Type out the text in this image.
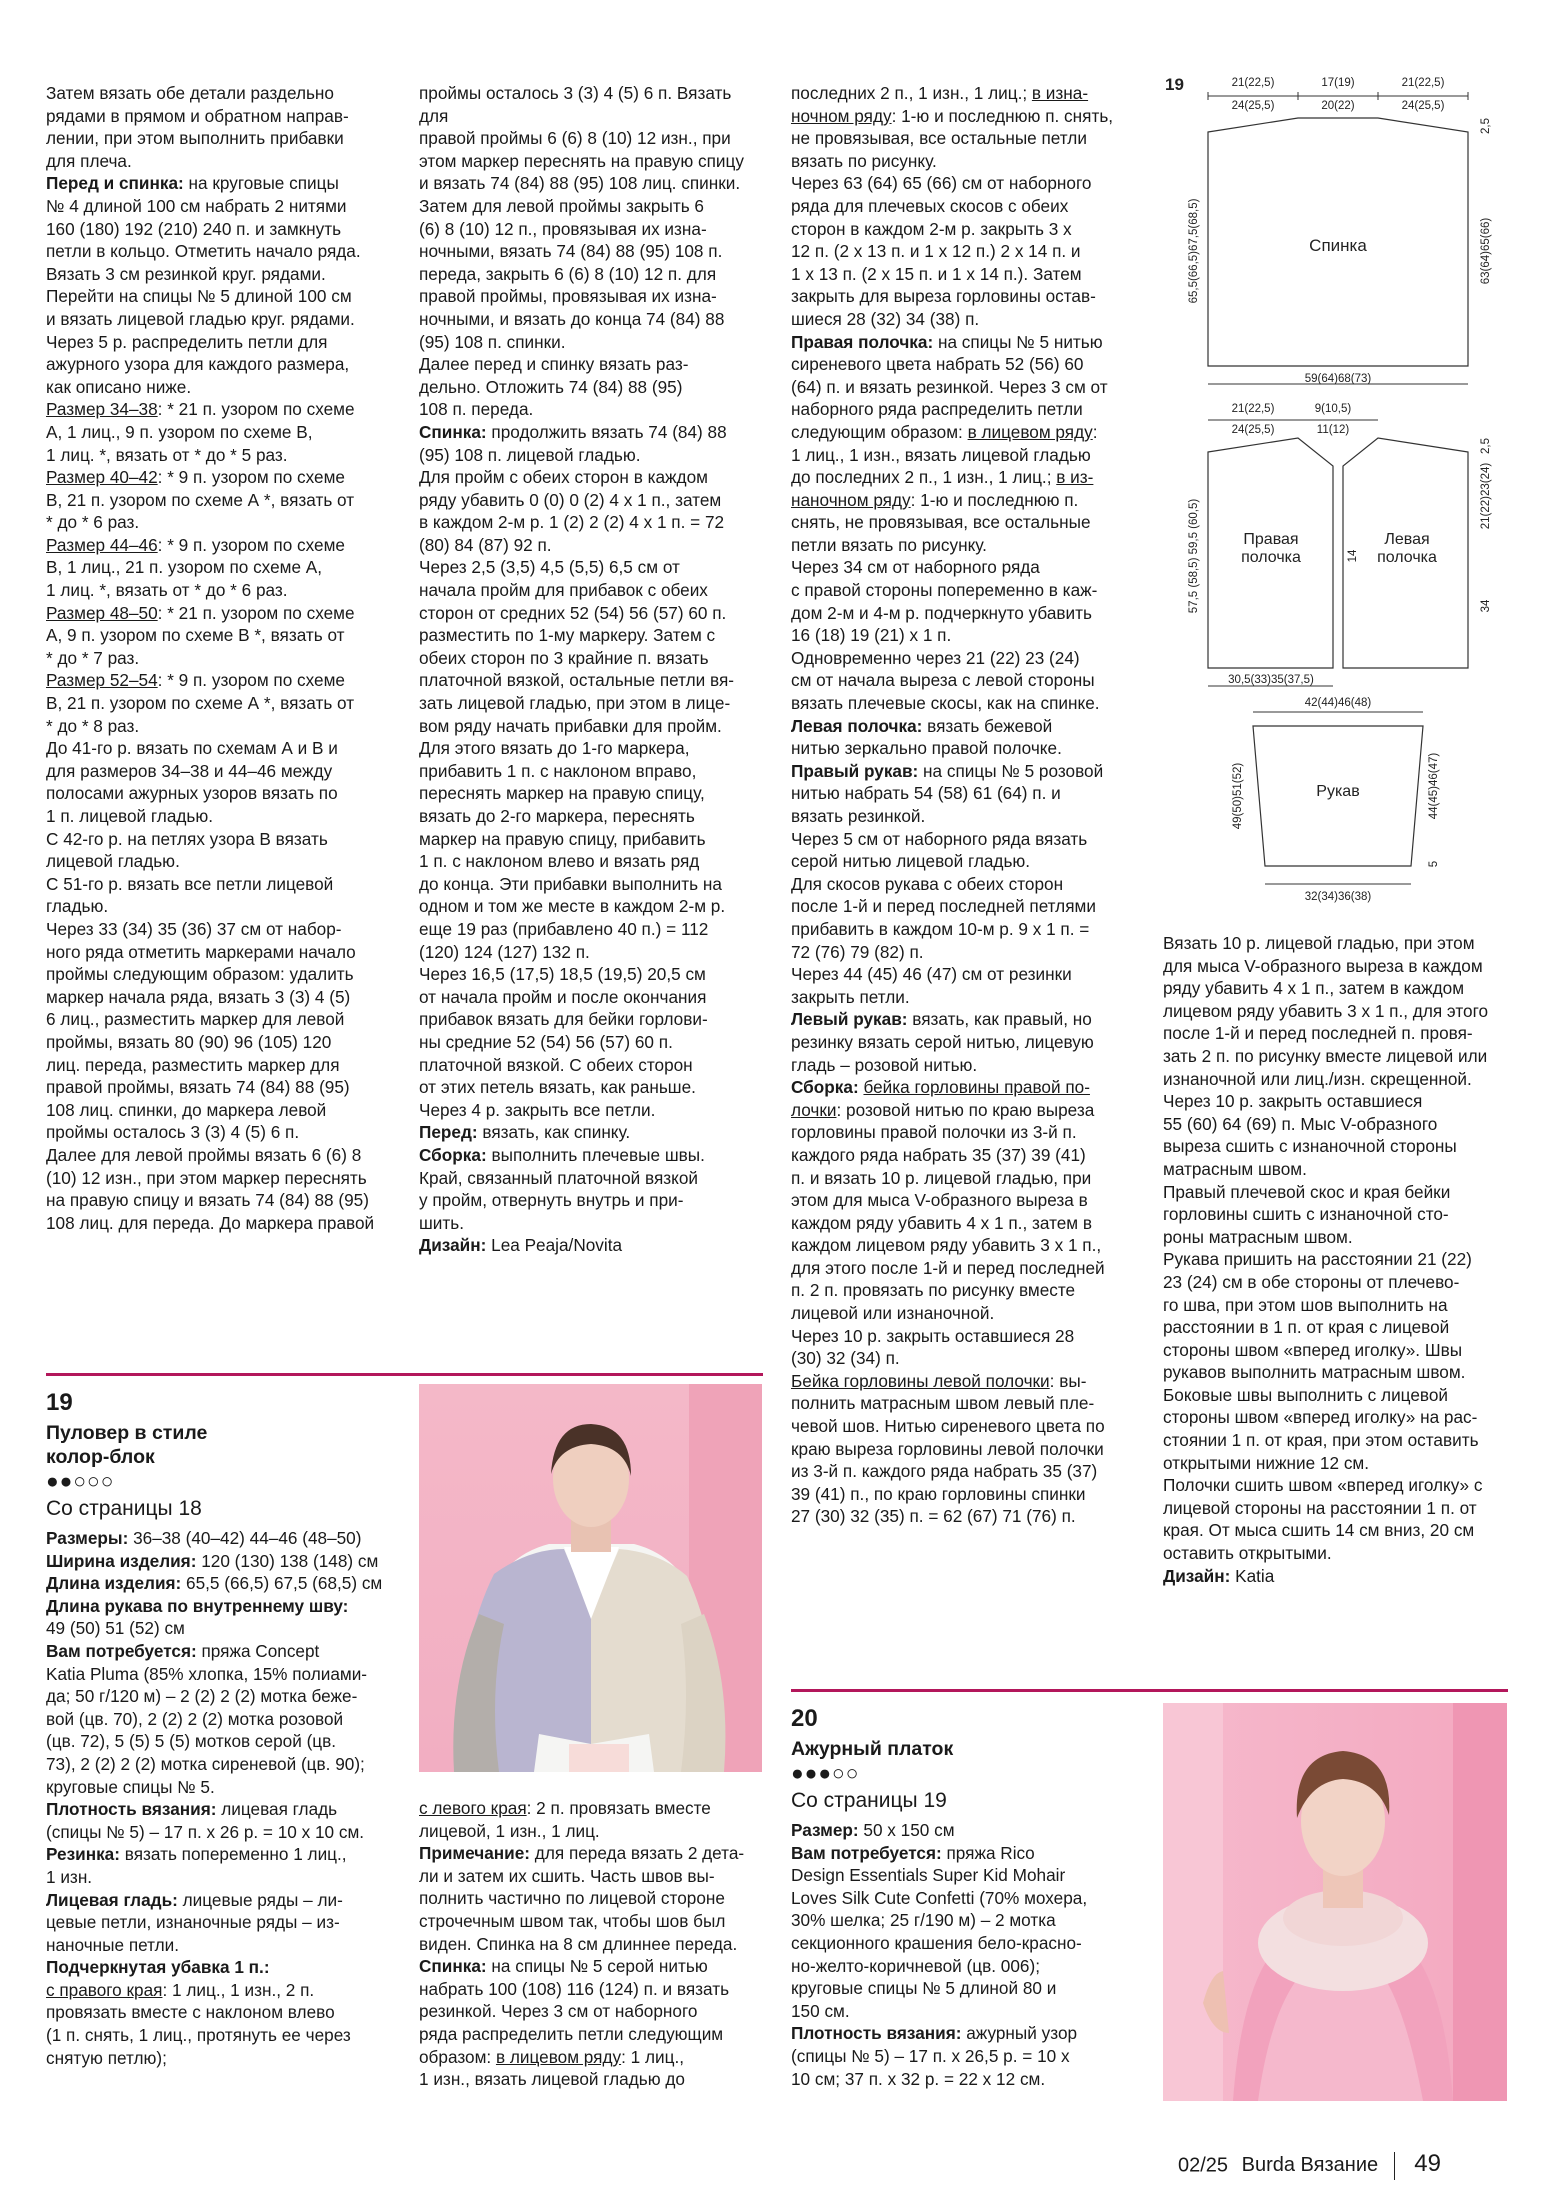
Затем вязать обе детали раздельно

рядами в прямом и обратном направ-

лении, при этом выполнить прибавки

для плеча.

Перед и спинка: на круговые спицы

№ 4 длиной 100 см набрать 2 нитями

160 (180) 192 (210) 240 п. и замкнуть

петли в кольцо. Отметить начало ряда.

Вязать 3 см резинкой круг. рядами.

Перейти на спицы № 5 длиной 100 см

и вязать лицевой гладью круг. рядами.

Через 5 р. распределить петли для

ажурного узора для каждого размера,

как описано ниже.

Размер 34–38: * 21 п. узором по схеме

А, 1 лиц., 9 п. узором по схеме В,

1 лиц. *, вязать от * до * 5 раз.

Размер 40–42: * 9 п. узором по схеме

В, 21 п. узором по схеме А *, вязать от

* до * 6 раз.

Размер 44–46: * 9 п. узором по схеме

В, 1 лиц., 21 п. узором по схеме А,

1 лиц. *, вязать от * до * 6 раз.

Размер 48–50: * 21 п. узором по схеме

А, 9 п. узором по схеме В *, вязать от

* до * 7 раз.

Размер 52–54: * 9 п. узором по схеме

В, 21 п. узором по схеме А *, вязать от

* до * 8 раз.

До 41-го р. вязать по схемам А и В и

для размеров 34–38 и 44–46 между

полосами ажурных узоров вязать по

1 п. лицевой гладью.

С 42-го р. на петлях узора В вязать

лицевой гладью.

С 51-го р. вязать все петли лицевой

гладью.

Через 33 (34) 35 (36) 37 см от набор-

ного ряда отметить маркерами начало

проймы следующим образом: удалить

маркер начала ряда, вязать 3 (3) 4 (5)

6 лиц., разместить маркер для левой

проймы, вязать 80 (90) 96 (105) 120

лиц. переда, разместить маркер для

правой проймы, вязать 74 (84) 88 (95)

108 лиц. спинки, до маркера левой

проймы осталось 3 (3) 4 (5) 6 п.

Далее для левой проймы вязать 6 (6) 8

(10) 12 изн., при этом маркер переснять

на правую спицу и вязать 74 (84) 88 (95)

108 лиц. для переда. До маркера правой

проймы осталось 3 (3) 4 (5) 6 п. Вязать для

правой проймы 6 (6) 8 (10) 12 изн., при

этом маркер переснять на правую спицу

и вязать 74 (84) 88 (95) 108 лиц. спинки.

Затем для левой проймы закрыть 6

(6) 8 (10) 12 п., провязывая их изна-

ночными, вязать 74 (84) 88 (95) 108 п.

переда, закрыть 6 (6) 8 (10) 12 п. для

правой проймы, провязывая их изна-

ночными, и вязать до конца 74 (84) 88

(95) 108 п. спинки.

Далее перед и спинку вязать раз-

дельно. Отложить 74 (84) 88 (95)

108 п. переда.

Спинка: продолжить вязать 74 (84) 88

(95) 108 п. лицевой гладью.

Для пройм с обеих сторон в каждом

ряду убавить 0 (0) 0 (2) 4 х 1 п., затем

в каждом 2-м р. 1 (2) 2 (2) 4 х 1 п. = 72

(80) 84 (87) 92 п.

Через 2,5 (3,5) 4,5 (5,5) 6,5 см от

начала пройм для прибавок с обеих

сторон от средних 52 (54) 56 (57) 60 п.

разместить по 1-му маркеру. Затем с

обеих сторон по 3 крайние п. вязать

платочной вязкой, остальные петли вя-

зать лицевой гладью, при этом в лице-

вом ряду начать прибавки для пройм.

Для этого вязать до 1-го маркера,

прибавить 1 п. с наклоном вправо,

переснять маркер на правую спицу,

вязать до 2-го маркера, переснять

маркер на правую спицу, прибавить

1 п. с наклоном влево и вязать ряд

до конца. Эти прибавки выполнить на

одном и том же месте в каждом 2-м р.

еще 19 раз (прибавлено 40 п.) = 112

(120) 124 (127) 132 п.

Через 16,5 (17,5) 18,5 (19,5) 20,5 см

от начала пройм и после окончания

прибавок вязать для бейки горлови-

ны средние 52 (54) 56 (57) 60 п.

платочной вязкой. С обеих сторон

от этих петель вязать, как раньше.

Через 4 р. закрыть все петли.

Перед: вязать, как спинку.

Сборка: выполнить плечевые швы.

Край, связанный платочной вязкой

у пройм, отвернуть внутрь и при-

шить.

Дизайн: Lea Peaja/Novita

последних 2 п., 1 изн., 1 лиц.; в изна-

ночном ряду: 1-ю и последнюю п. снять,

не провязывая, все остальные петли

вязать по рисунку.

Через 63 (64) 65 (66) см от наборного

ряда для плечевых скосов с обеих

сторон в каждом 2-м р. закрыть 3 х

12 п. (2 х 13 п. и 1 х 12 п.) 2 х 14 п. и

1 х 13 п. (2 х 15 п. и 1 х 14 п.). Затем

закрыть для выреза горловины остав-

шиеся 28 (32) 34 (38) п.

Правая полочка: на спицы № 5 нитью

сиреневого цвета набрать 52 (56) 60

(64) п. и вязать резинкой. Через 3 см от

наборного ряда распределить петли

следующим образом: в лицевом ряду:

1 лиц., 1 изн., вязать лицевой гладью

до последних 2 п., 1 изн., 1 лиц.; в из-

наночном ряду: 1-ю и последнюю п.

снять, не провязывая, все остальные

петли вязать по рисунку.

Через 34 см от наборного ряда

с правой стороны попеременно в каж-

дом 2-м и 4-м р. подчеркнуто убавить

16 (18) 19 (21) х 1 п.

Одновременно через 21 (22) 23 (24)

см от начала выреза с левой стороны

вязать плечевые скосы, как на спинке.

Левая полочка: вязать бежевой

нитью зеркально правой полочке.

Правый рукав: на спицы № 5 розовой

нитью набрать 54 (58) 61 (64) п. и

вязать резинкой.

Через 5 см от наборного ряда вязать

серой нитью лицевой гладью.

Для скосов рукава с обеих сторон

после 1-й и перед последней петлями

прибавить в каждом 10-м р. 9 х 1 п. =

72 (76) 79 (82) п.

Через 44 (45) 46 (47) см от резинки

закрыть петли.

Левый рукав: вязать, как правый, но

резинку вязать серой нитью, лицевую

гладь – розовой нитью.

Сборка: бейка горловины правой по-

лочки: розовой нитью по краю выреза

горловины правой полочки из 3-й п.

каждого ряда набрать 35 (37) 39 (41)

п. и вязать 10 р. лицевой гладью, при

этом для мыса V-образного выреза в

каждом ряду убавить 4 х 1 п., затем в

каждом лицевом ряду убавить 3 х 1 п.,

для этого после 1-й и перед последней

п. 2 п. провязать по рисунку вместе

лицевой или изнаночной.

Через 10 р. закрыть оставшиеся 28

(30) 32 (34) п.

Бейка горловины левой полочки: вы-

полнить матрасным швом левый пле-

чевой шов. Нитью сиреневого цвета по

краю выреза горловины левой полочки

из 3-й п. каждого ряда набрать 35 (37)

39 (41) п., по краю горловины спинки

27 (30) 32 (35) п. = 62 (67) 71 (76) п.

Вязать 10 р. лицевой гладью, при этом

для мыса V-образного выреза в каждом

ряду убавить 4 х 1 п., затем в каждом

лицевом ряду убавить 3 х 1 п., для этого

после 1-й и перед последней п. провя-

зать 2 п. по рисунку вместе лицевой или

изнаночной или лиц./изн. скрещенной.

Через 10 р. закрыть оставшиеся

55 (60) 64 (69) п. Мыс V-образного

выреза сшить с изнаночной стороны

матрасным швом.

Правый плечевой скос и края бейки

горловины сшить с изнаночной сто-

роны матрасным швом.

Рукава пришить на расстоянии 21 (22)

23 (24) см в обе стороны от плечево-

го шва, при этом шов выполнить на

расстоянии в 1 п. от края с лицевой

стороны швом «вперед иголку». Швы

рукавов выполнить матрасным швом.

Боковые швы выполнить с лицевой

стороны швом «вперед иголку» на рас-

стоянии 1 п. от края, при этом оставить

открытыми нижние 12 см.

Полочки сшить швом «вперед иголку» с

лицевой стороны на расстоянии 1 п. от

края. От мыса сшить 14 см вниз, 20 см

оставить открытыми.

Дизайн: Katia

19
Пуловер в стиле
колор-блок
●●○○○
Со страницы 18

Размеры: 36–38 (40–42) 44–46 (48–50)

Ширина изделия: 120 (130) 138 (148) см

Длина изделия: 65,5 (66,5) 67,5 (68,5) см

Длина рукава по внутреннему шву:

49 (50) 51 (52) см

Вам потребуется: пряжа Concept

Katia Pluma (85% хлопка, 15% полиами-

да; 50 г/120 м) – 2 (2) 2 (2) мотка беже-

вой (цв. 70), 2 (2) 2 (2) мотка розовой

(цв. 72), 5 (5) 5 (5) мотков серой (цв.

73), 2 (2) 2 (2) мотка сиреневой (цв. 90);

круговые спицы № 5.

Плотность вязания: лицевая гладь

(спицы № 5) – 17 п. х 26 р. = 10 х 10 см.

Резинка: вязать попеременно 1 лиц.,

1 изн.

Лицевая гладь: лицевые ряды – ли-

цевые петли, изнаночные ряды – из-

наночные петли.

Подчеркнутая убавка 1 п.:

с правого края: 1 лиц., 1 изн., 2 п.

провязать вместе с наклоном влево

(1 п. снять, 1 лиц., протянуть ее через

снятую петлю);

с левого края: 2 п. провязать вместе

лицевой, 1 изн., 1 лиц.

Примечание: для переда вязать 2 дета-

ли и затем их сшить. Часть швов вы-

полнить частично по лицевой стороне

строчечным швом так, чтобы шов был

виден. Спинка на 8 см длиннее переда.

Спинка: на спицы № 5 серой нитью

набрать 100 (108) 116 (124) п. и вязать

резинкой. Через 3 см от наборного

ряда распределить петли следующим

образом: в лицевом ряду: 1 лиц.,

1 изн., вязать лицевой гладью до

20
Ажурный платок
●●●○○
Со страницы 19

Размер: 50 х 150 см

Вам потребуется: пряжа Rico

Design Essentials Super Kid Mohair

Loves Silk Cute Confetti (70% мохера,

30% шелка; 25 г/190 м) – 2 мотка

секционного крашения бело-красно-

но-желто-коричневой (цв. 006);

круговые спицы № 5 длиной 80 и

150 см.

Плотность вязания: ажурный узор

(спицы № 5) – 17 п. х 26,5 р. = 10 х

10 см; 37 п. х 32 р. = 22 х 12 см.

19	21(22,5)
24(25,5)
17(19)
20(22)
21(22,5)
24(25,5)
Спинка
65,5(66,5)67,5(68,5)	63(64)65(66)
2,5
59(64)68(73)
21(22,5)
24(25,5)
9(10,5)
11(12)
Правая
полочка
Левая
полочка
57,5 (58,5) 59,5 (60,5)
2,5
21(22)23(24)
34
14
30,5(33)35(37,5)
42(44)46(48)
Рукав
49(50)51(52)	44(45)46(47)
5
32(34)36(38)
02/25 Burda Вязание 49
